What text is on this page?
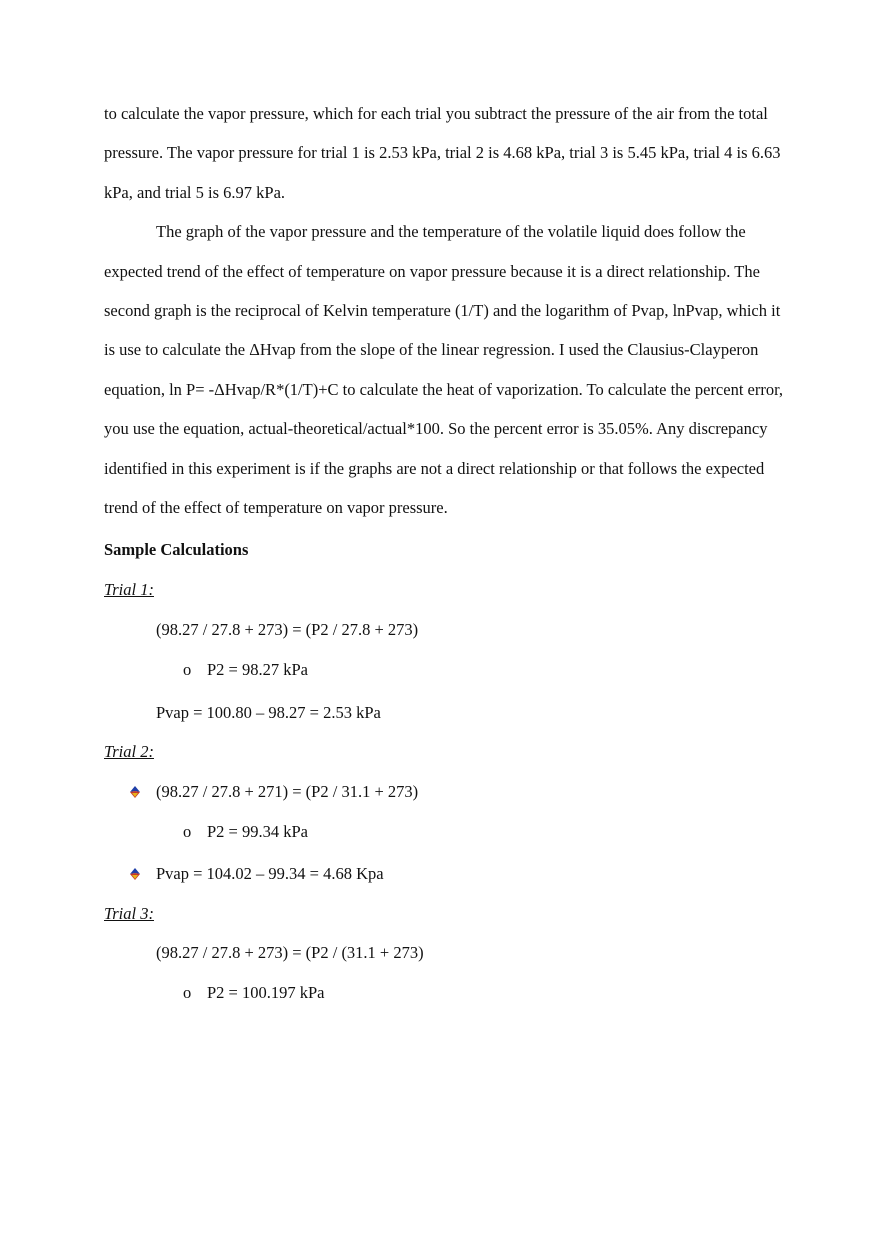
to calculate the vapor pressure, which for each trial you subtract the pressure of the air from the total pressure. The vapor pressure for trial 1 is 2.53 kPa, trial 2 is 4.68 kPa, trial 3 is 5.45 kPa, trial 4 is 6.63 kPa, and trial 5 is 6.97 kPa.

The graph of the vapor pressure and the temperature of the volatile liquid does follow the expected trend of the effect of temperature on vapor pressure because it is a direct relationship. The second graph is the reciprocal of Kelvin temperature (1/T) and the logarithm of Pvap, lnPvap, which it is use to calculate the ΔHvap from the slope of the linear regression. I used the Clausius-Clayperon equation, ln P= -ΔHvap/R*(1/T)+C to calculate the heat of vaporization. To calculate the percent error, you use the equation, actual-theoretical/actual*100. So the percent error is 35.05%. Any discrepancy identified in this experiment is if the graphs are not a direct relationship or that follows the expected trend of the effect of temperature on vapor pressure.

Sample Calculations
Trial 1:
(98.27 / 27.8 + 273) = (P2 / 27.8 + 273)
o P2 = 98.27 kPa
Pvap = 100.80 – 98.27 = 2.53 kPa
Trial 2:
(98.27 / 27.8 + 271) = (P2 / 31.1 + 273)
o P2 = 99.34 kPa
Pvap = 104.02 – 99.34 = 4.68 Kpa
Trial 3:
(98.27 / 27.8 + 273) = (P2 / (31.1 + 273)
o P2 = 100.197 kPa
